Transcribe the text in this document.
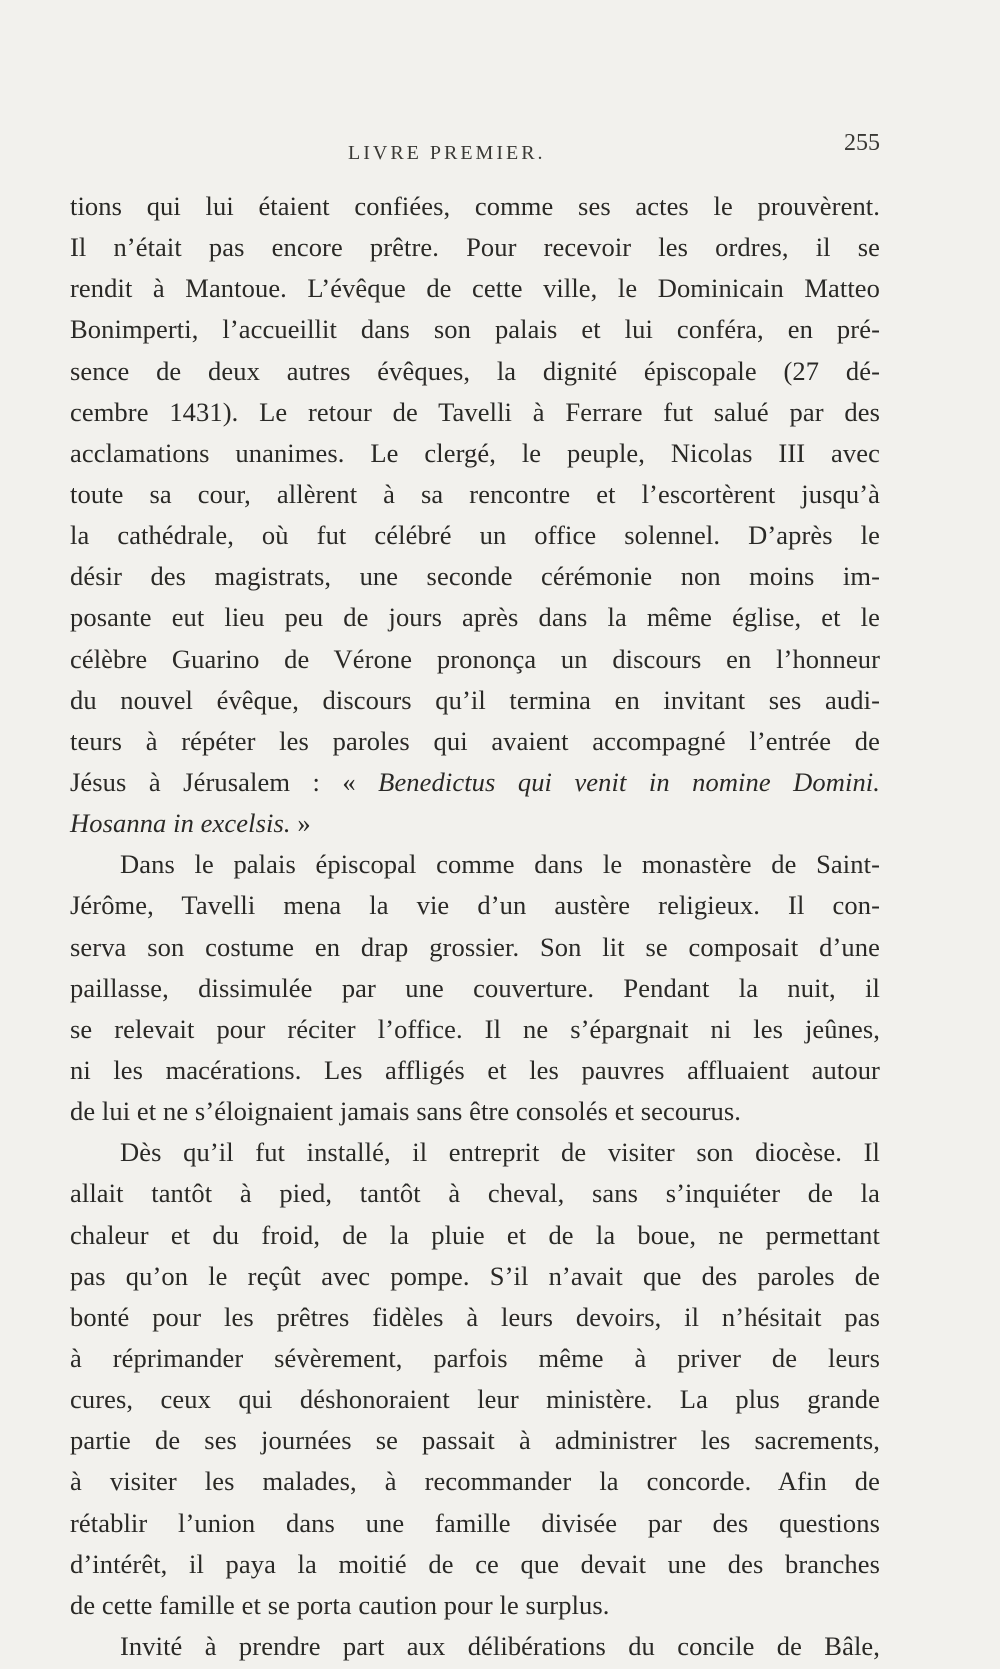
LIVRE PREMIER.	255
tions qui lui étaient confiées, comme ses actes le prouvèrent.
Il n’était pas encore prêtre. Pour recevoir les ordres, il se
rendit à Mantoue. L’évêque de cette ville, le Dominicain Matteo
Bonimperti, l’accueillit dans son palais et lui conféra, en pré-
sence de deux autres évêques, la dignité épiscopale (27 dé-
cembre 1431). Le retour de Tavelli à Ferrare fut salué par des
acclamations unanimes. Le clergé, le peuple, Nicolas III avec
toute sa cour, allèrent à sa rencontre et l’escortèrent jusqu’à
la cathédrale, où fut célébré un office solennel. D’après le
désir des magistrats, une seconde cérémonie non moins im-
posante eut lieu peu de jours après dans la même église, et le
célèbre Guarino de Vérone prononça un discours en l’honneur
du nouvel évêque, discours qu’il termina en invitant ses audi-
teurs à répéter les paroles qui avaient accompagné l’entrée de
Jésus à Jérusalem : « Benedictus qui venit in nomine Domini.
Hosanna in excelsis. »
Dans le palais épiscopal comme dans le monastère de Saint-
Jérôme, Tavelli mena la vie d’un austère religieux. Il con-
serva son costume en drap grossier. Son lit se composait d’une
paillasse, dissimulée par une couverture. Pendant la nuit, il
se relevait pour réciter l’office. Il ne s’épargnait ni les jeûnes,
ni les macérations. Les affligés et les pauvres affluaient autour
de lui et ne s’éloignaient jamais sans être consolés et secourus.
Dès qu’il fut installé, il entreprit de visiter son diocèse. Il
allait tantôt à pied, tantôt à cheval, sans s’inquiéter de la
chaleur et du froid, de la pluie et de la boue, ne permettant
pas qu’on le reçût avec pompe. S’il n’avait que des paroles de
bonté pour les prêtres fidèles à leurs devoirs, il n’hésitait pas
à réprimander sévèrement, parfois même à priver de leurs
cures, ceux qui déshonoraient leur ministère. La plus grande
partie de ses journées se passait à administrer les sacrements,
à visiter les malades, à recommander la concorde. Afin de
rétablir l’union dans une famille divisée par des questions
d’intérêt, il paya la moitié de ce que devait une des branches
de cette famille et se porta caution pour le surplus.
Invité à prendre part aux délibérations du concile de Bâle,
